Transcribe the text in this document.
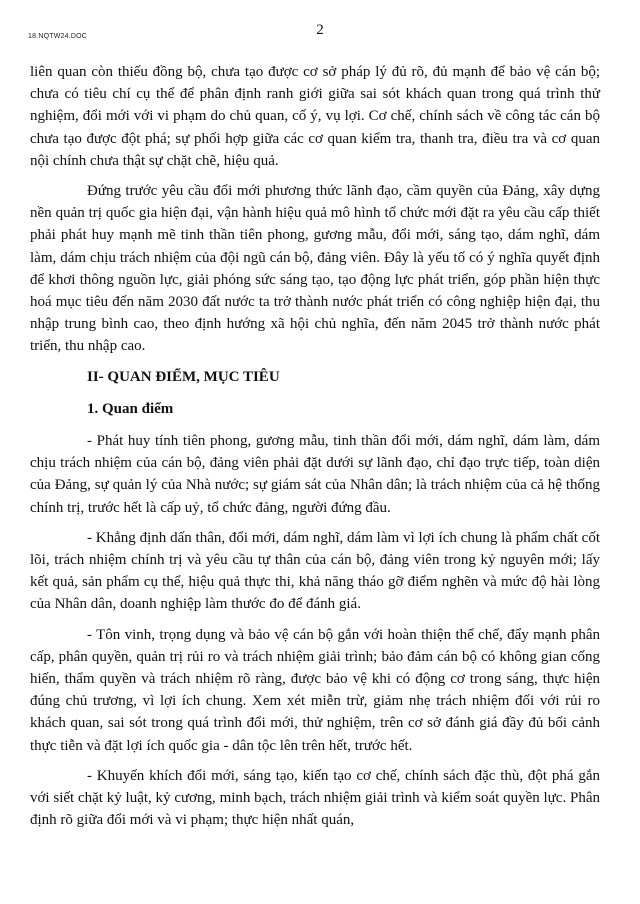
18.NQTW24.DOC	2

liên quan còn thiếu đồng bộ, chưa tạo được cơ sở pháp lý đủ rõ, đủ mạnh để bảo vệ cán bộ; chưa có tiêu chí cụ thể để phân định ranh giới giữa sai sót khách quan trong quá trình thử nghiệm, đổi mới với vi phạm do chủ quan, cố ý, vụ lợi. Cơ chế, chính sách về công tác cán bộ chưa tạo được đột phá; sự phối hợp giữa các cơ quan kiểm tra, thanh tra, điều tra và cơ quan nội chính chưa thật sự chặt chẽ, hiệu quả.

Đứng trước yêu cầu đổi mới phương thức lãnh đạo, cầm quyền của Đảng, xây dựng nền quản trị quốc gia hiện đại, vận hành hiệu quả mô hình tổ chức mới đặt ra yêu cầu cấp thiết phải phát huy mạnh mẽ tinh thần tiên phong, gương mẫu, đổi mới, sáng tạo, dám nghĩ, dám làm, dám chịu trách nhiệm của đội ngũ cán bộ, đảng viên. Đây là yếu tố có ý nghĩa quyết định để khơi thông nguồn lực, giải phóng sức sáng tạo, tạo động lực phát triển, góp phần hiện thực hoá mục tiêu đến năm 2030 đất nước ta trở thành nước phát triển có công nghiệp hiện đại, thu nhập trung bình cao, theo định hướng xã hội chủ nghĩa, đến năm 2045 trở thành nước phát triển, thu nhập cao.

II- QUAN ĐIỂM, MỤC TIÊU
1. Quan điểm

- Phát huy tính tiên phong, gương mẫu, tinh thần đổi mới, dám nghĩ, dám làm, dám chịu trách nhiệm của cán bộ, đảng viên phải đặt dưới sự lãnh đạo, chỉ đạo trực tiếp, toàn diện của Đảng, sự quản lý của Nhà nước; sự giám sát của Nhân dân; là trách nhiệm của cả hệ thống chính trị, trước hết là cấp uỷ, tổ chức đảng, người đứng đầu.

- Khẳng định dấn thân, đổi mới, dám nghĩ, dám làm vì lợi ích chung là phẩm chất cốt lõi, trách nhiệm chính trị và yêu cầu tự thân của cán bộ, đảng viên trong kỷ nguyên mới; lấy kết quả, sản phẩm cụ thể, hiệu quả thực thi, khả năng tháo gỡ điểm nghẽn và mức độ hài lòng của Nhân dân, doanh nghiệp làm thước đo để đánh giá.

- Tôn vinh, trọng dụng và bảo vệ cán bộ gắn với hoàn thiện thể chế, đẩy mạnh phân cấp, phân quyền, quản trị rủi ro và trách nhiệm giải trình; bảo đảm cán bộ có không gian cống hiến, thẩm quyền và trách nhiệm rõ ràng, được bảo vệ khi có động cơ trong sáng, thực hiện đúng chủ trương, vì lợi ích chung. Xem xét miễn trừ, giảm nhẹ trách nhiệm đối với rủi ro khách quan, sai sót trong quá trình đổi mới, thử nghiệm, trên cơ sở đánh giá đầy đủ bối cảnh thực tiễn và đặt lợi ích quốc gia - dân tộc lên trên hết, trước hết.

- Khuyến khích đổi mới, sáng tạo, kiến tạo cơ chế, chính sách đặc thù, đột phá gắn với siết chặt kỷ luật, kỷ cương, minh bạch, trách nhiệm giải trình và kiểm soát quyền lực. Phân định rõ giữa đổi mới và vi phạm; thực hiện nhất quán,
